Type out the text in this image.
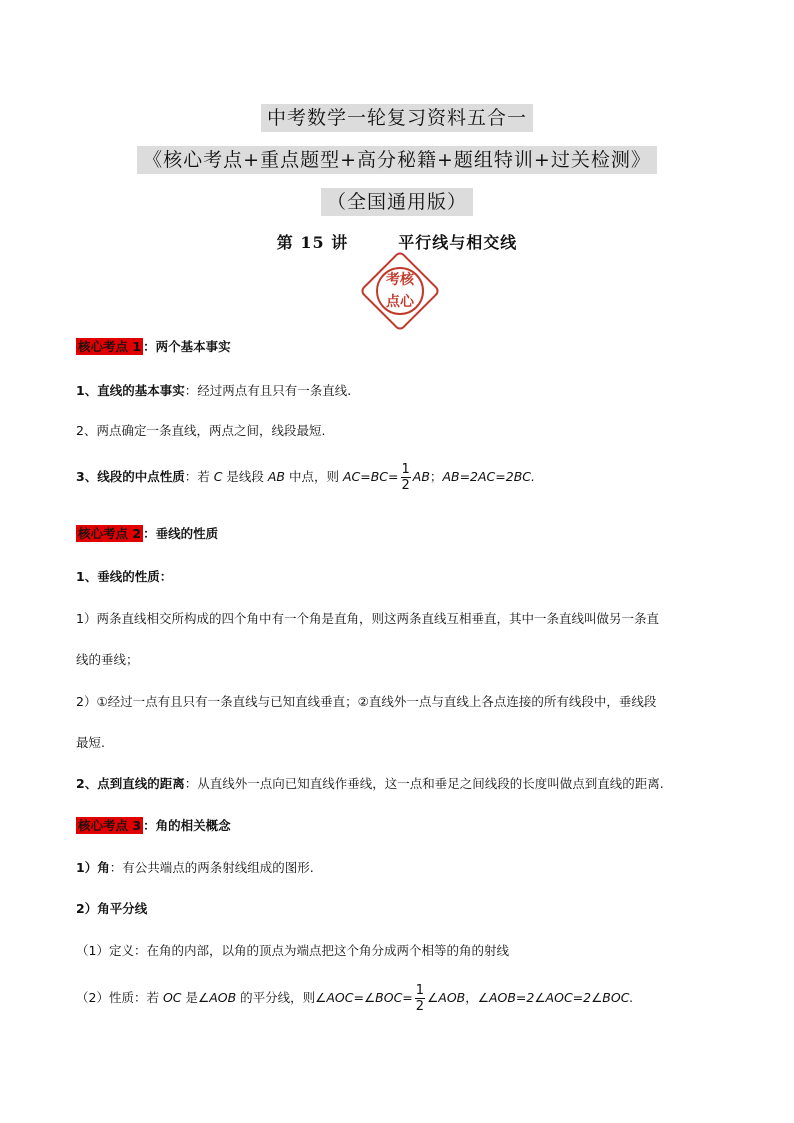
中考数学一轮复习资料五合一
《核心考点+重点题型+高分秘籍+题组特训+过关检测》
（全国通用版）
第 15 讲	平行线与相交线
考核
点心
核心考点 1 ：两个基本事实
1、直线的基本事实：经过两点有且只有一条直线.
2、两点确定一条直线，两点之间，线段最短.
3、线段的中点性质：若 C 是线段 AB 中点，则 $AC=BC= \frac{1}{2}$ AB；AB=2AC=2BC.
核心考点 2 ：垂线的性质
1、垂线的性质：
1）两条直线相交所构成的四个角中有一个角是直角，则这两条直线互相垂直，其中一条直线叫做另一条直
线的垂线；
2）①经过一点有且只有一条直线与已知直线垂直；②直线外一点与直线上各点连接的所有线段中，垂线段
最短.
2、点到直线的距离：从直线外一点向已知直线作垂线，这一点和垂足之间线段的长度叫做点到直线的距离.
核心考点 3 ：角的相关概念
1）角：有公共端点的两条射线组成的图形.
2）角平分线
（1）定义：在角的内部，以角的顶点为端点把这个角分成两个相等的角的射线
（2）性质：若 OC 是∠AOB 的平分线，则∠AOC=∠BOC= $\frac{1}{2}$ ∠AOB，∠AOB=2∠AOC=2∠BOC.
